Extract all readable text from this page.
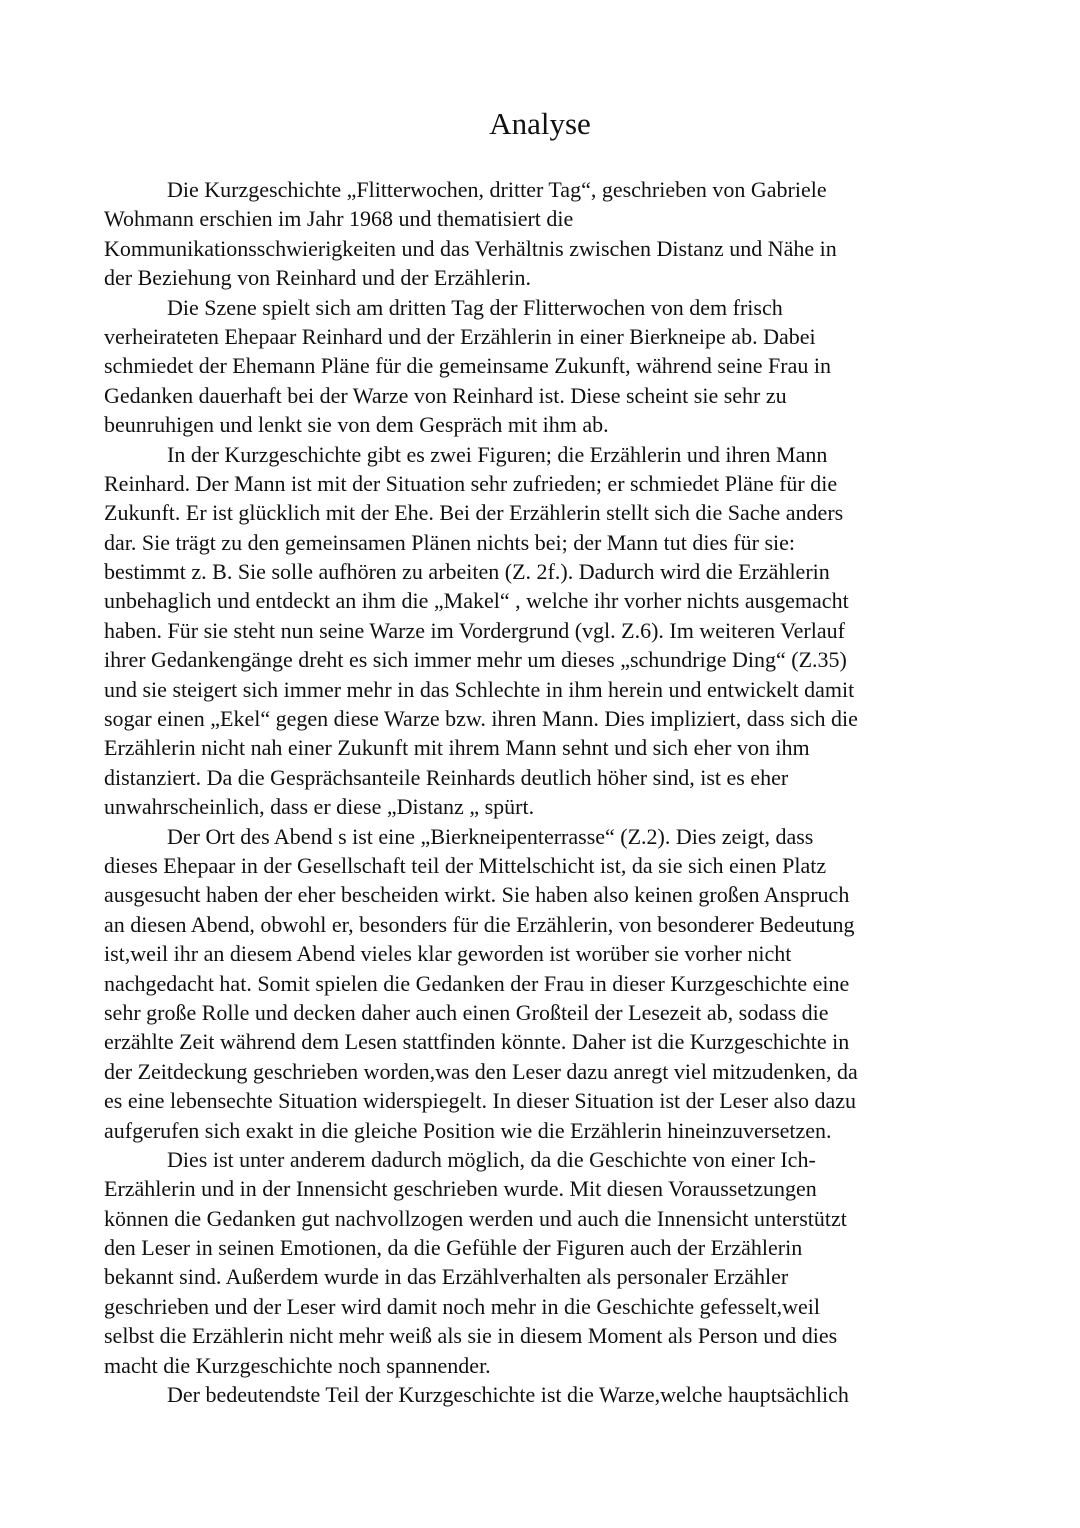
Analyse
Die Kurzgeschichte „Flitterwochen, dritter Tag“, geschrieben von Gabriele
Wohmann erschien im Jahr 1968 und thematisiert die
Kommunikationsschwierigkeiten und das Verhältnis zwischen Distanz und Nähe in
der Beziehung von Reinhard und der Erzählerin.
Die Szene spielt sich am dritten Tag der Flitterwochen von dem frisch
verheirateten Ehepaar Reinhard und der Erzählerin in einer Bierkneipe ab. Dabei
schmiedet der Ehemann Pläne für die gemeinsame Zukunft, während seine Frau in
Gedanken dauerhaft bei der Warze von Reinhard ist. Diese scheint sie sehr zu
beunruhigen und lenkt sie von dem Gespräch mit ihm ab.
In der Kurzgeschichte gibt es zwei Figuren; die Erzählerin und ihren Mann
Reinhard. Der Mann ist mit der Situation sehr zufrieden; er schmiedet Pläne für die
Zukunft. Er ist glücklich mit der Ehe. Bei der Erzählerin stellt sich die Sache anders
dar. Sie trägt zu den gemeinsamen Plänen nichts bei; der Mann tut dies für sie:
bestimmt z. B. Sie solle aufhören zu arbeiten (Z. 2f.). Dadurch wird die Erzählerin
unbehaglich und entdeckt an ihm die „Makel“ , welche ihr vorher nichts ausgemacht
haben. Für sie steht nun seine Warze im Vordergrund (vgl. Z.6). Im weiteren Verlauf
ihrer Gedankengänge dreht es sich immer mehr um dieses „schundrige Ding“ (Z.35)
und sie steigert sich immer mehr in das Schlechte in ihm herein und entwickelt damit
sogar einen „Ekel“ gegen diese Warze bzw. ihren Mann. Dies impliziert, dass sich die
Erzählerin nicht nah einer Zukunft mit ihrem Mann sehnt und sich eher von ihm
distanziert. Da die Gesprächsanteile Reinhards deutlich höher sind, ist es eher
unwahrscheinlich, dass er diese „Distanz „ spürt.
Der Ort des Abend s ist eine „Bierkneipenterrasse“ (Z.2). Dies zeigt, dass
dieses Ehepaar in der Gesellschaft teil der Mittelschicht ist, da sie sich einen Platz
ausgesucht haben der eher bescheiden wirkt. Sie haben also keinen großen Anspruch
an diesen Abend, obwohl er, besonders für die Erzählerin, von besonderer Bedeutung
ist,weil ihr an diesem Abend vieles klar geworden ist worüber sie vorher nicht
nachgedacht hat. Somit spielen die Gedanken der Frau in dieser Kurzgeschichte eine
sehr große Rolle und decken daher auch einen Großteil der Lesezeit ab, sodass die
erzählte Zeit während dem Lesen stattfinden könnte. Daher ist die Kurzgeschichte in
der Zeitdeckung geschrieben worden,was den Leser dazu anregt viel mitzudenken, da
es eine lebensechte Situation widerspiegelt. In dieser Situation ist der Leser also dazu
aufgerufen sich exakt in die gleiche Position wie die Erzählerin hineinzuversetzen.
Dies ist unter anderem dadurch möglich, da die Geschichte von einer Ich-
Erzählerin und in der Innensicht geschrieben wurde. Mit diesen Voraussetzungen
können die Gedanken gut nachvollzogen werden und auch die Innensicht unterstützt
den Leser in seinen Emotionen, da die Gefühle der Figuren auch der Erzählerin
bekannt sind. Außerdem wurde in das Erzählverhalten als personaler Erzähler
geschrieben und der Leser wird damit noch mehr in die Geschichte gefesselt,weil
selbst die Erzählerin nicht mehr weiß als sie in diesem Moment als Person und dies
macht die Kurzgeschichte noch spannender.
Der bedeutendste Teil der Kurzgeschichte ist die Warze,welche hauptsächlich
